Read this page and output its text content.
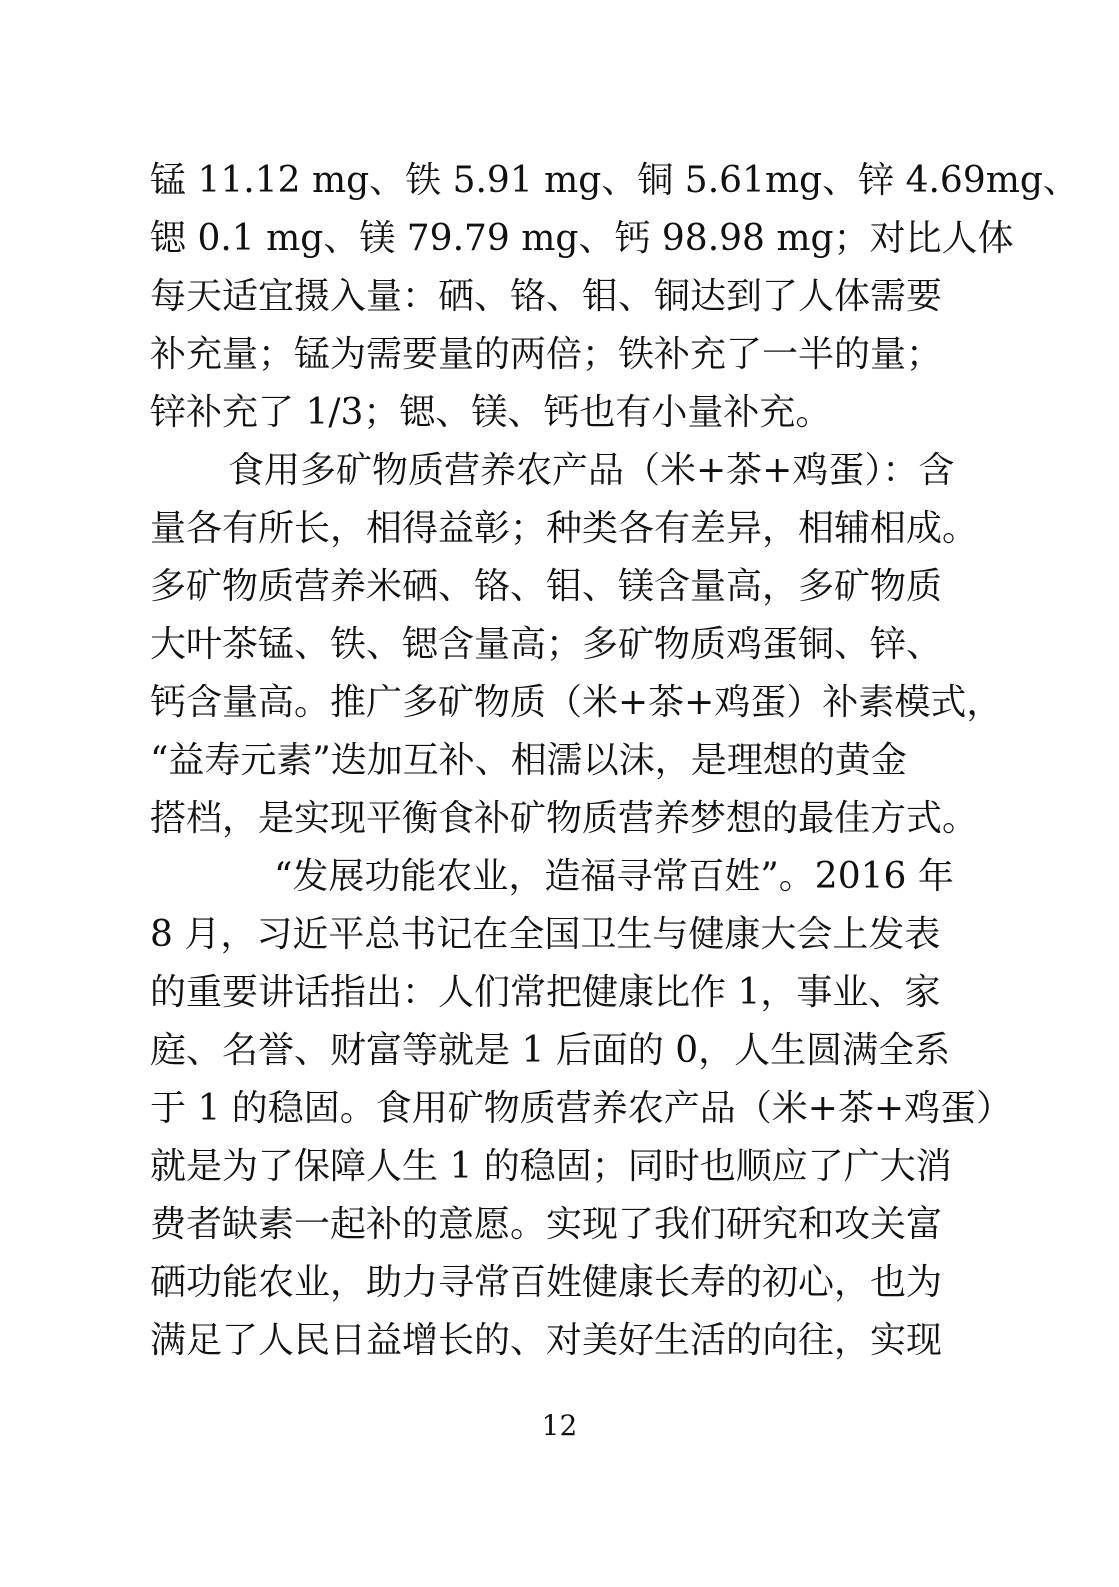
锰 11.12 mg、铁 5.91 mg、铜 5.61mg、锌 4.69mg、
锶 0.1 mg、镁 79.79 mg、钙 98.98 mg；对比人体
每天适宜摄入量：硒、铬、钼、铜达到了人体需要
补充量；锰为需要量的两倍；铁补充了一半的量；
锌补充了 1/3；锶、镁、钙也有小量补充。
食用多矿物质营养农产品（米+茶+鸡蛋）：含
量各有所长，相得益彰；种类各有差异，相辅相成。
多矿物质营养米硒、铬、钼、镁含量高，多矿物质
大叶茶锰、铁、锶含量高；多矿物质鸡蛋铜、锌、
钙含量高。推广多矿物质（米+茶+鸡蛋）补素模式，
“益寿元素”迭加互补、相濡以沫，是理想的黄金
搭档，是实现平衡食补矿物质营养梦想的最佳方式。
“发展功能农业，造福寻常百姓”。2016 年
8 月，习近平总书记在全国卫生与健康大会上发表
的重要讲话指出：人们常把健康比作 1，事业、家
庭、名誉、财富等就是 1 后面的 0，人生圆满全系
于 1 的稳固。食用矿物质营养农产品（米+茶+鸡蛋）
就是为了保障人生 1 的稳固；同时也顺应了广大消
费者缺素一起补的意愿。实现了我们研究和攻关富
硒功能农业，助力寻常百姓健康长寿的初心，也为
满足了人民日益增长的、对美好生活的向往，实现
12
